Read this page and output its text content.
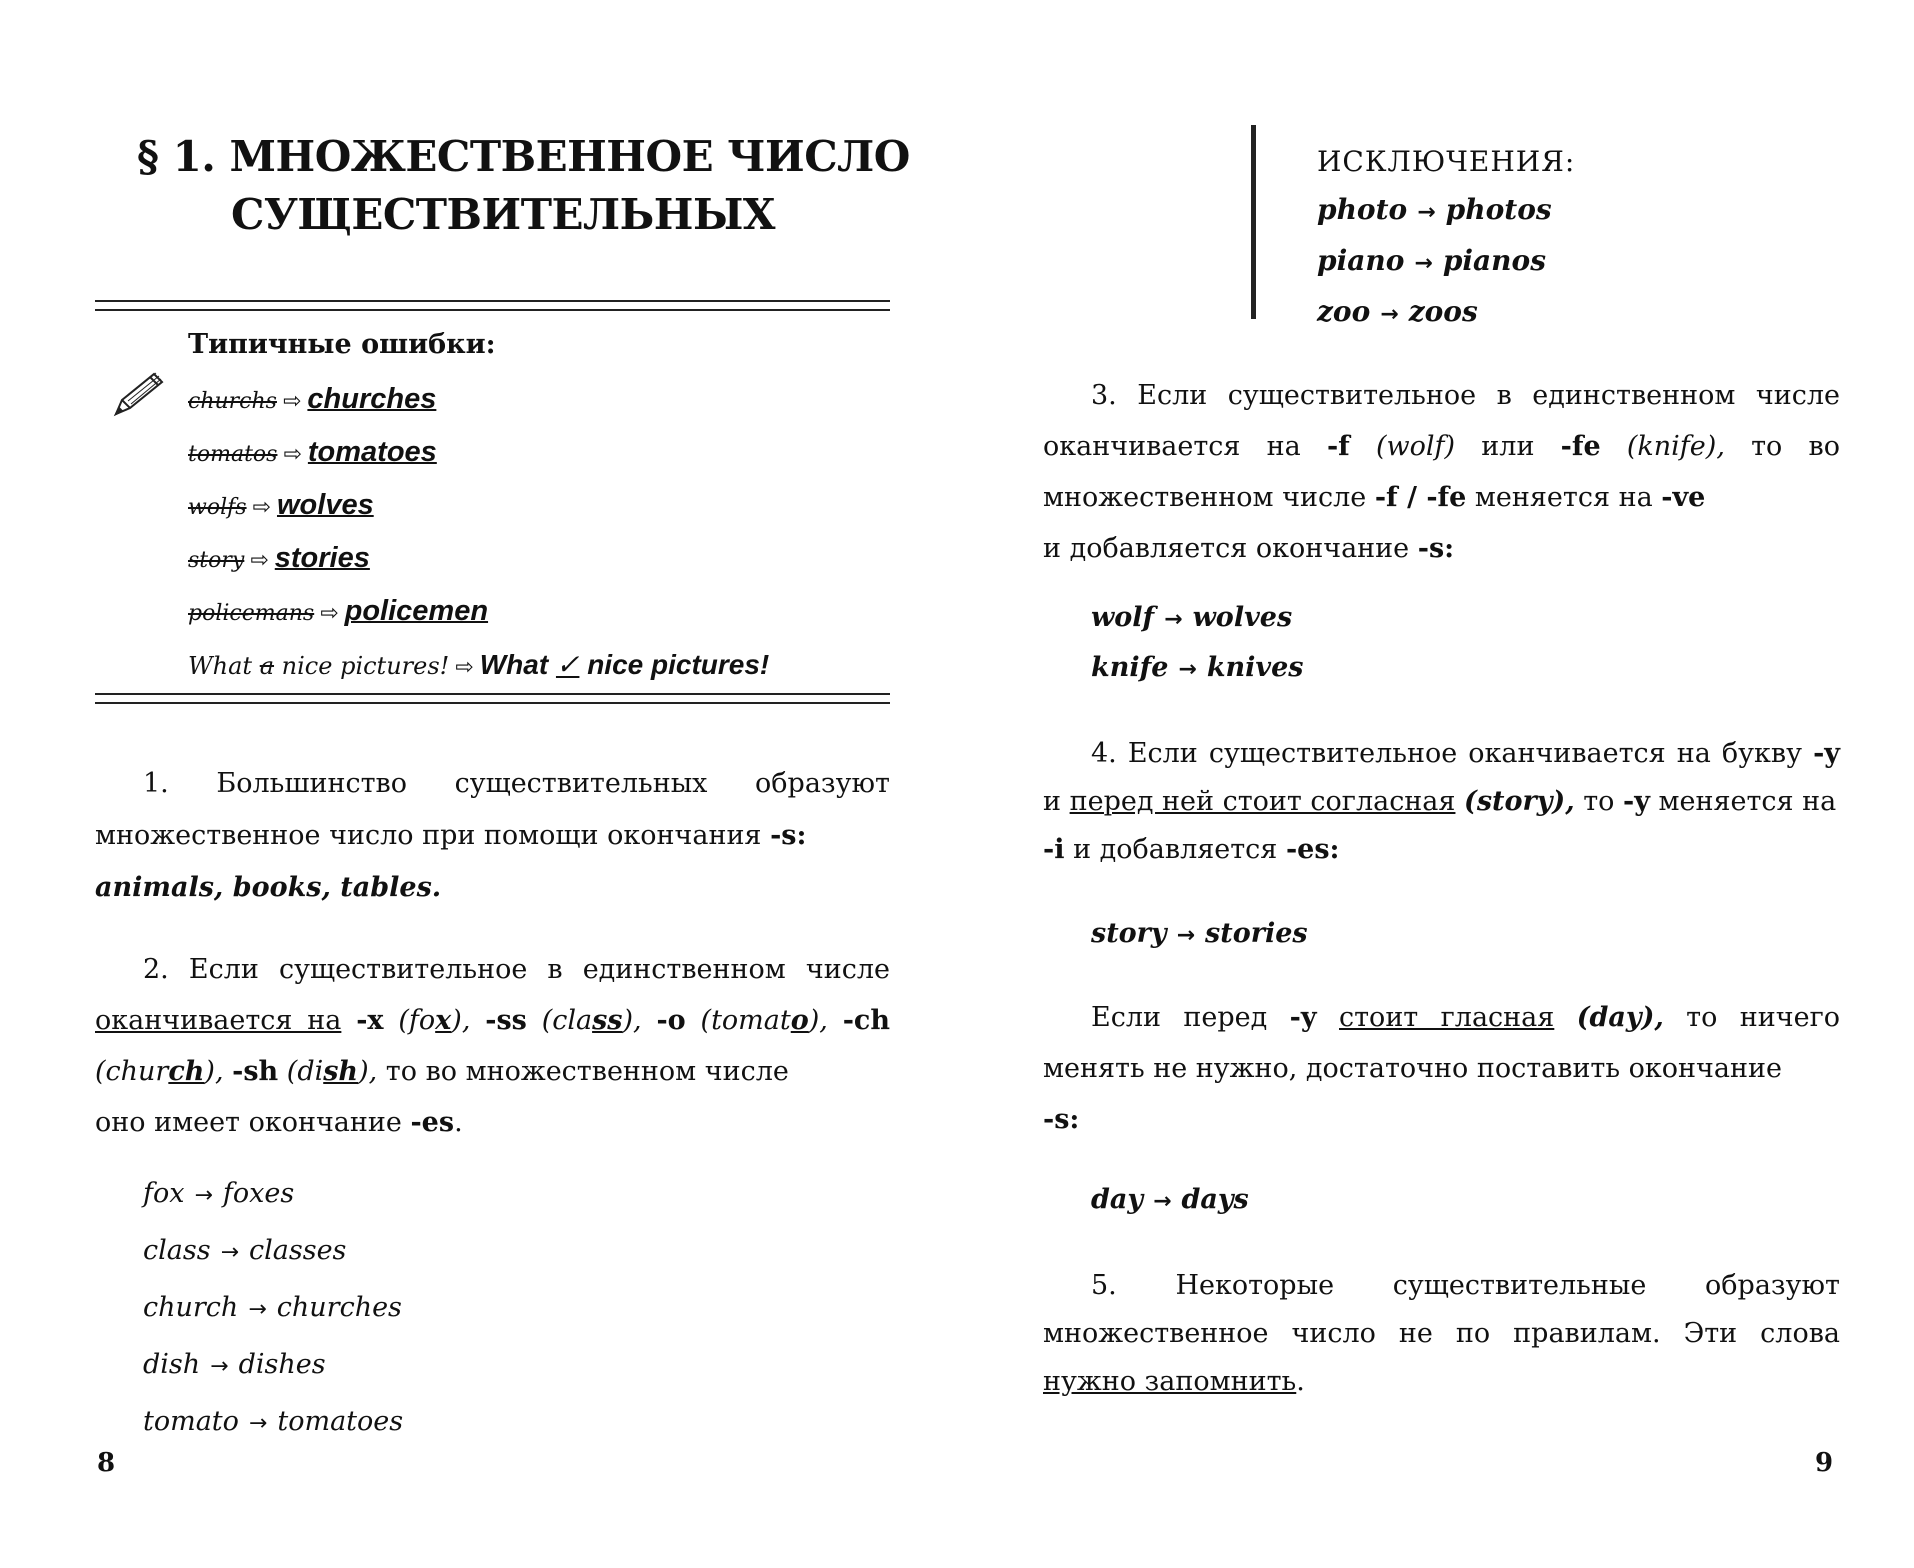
§ 1. МНОЖЕСТВЕННОЕ ЧИСЛО
СУЩЕСТВИТЕЛЬНЫХ
Типичные ошибки:
churchs ⇨ churches
tomatos ⇨ tomatoes
wolfs ⇨ wolves
story ⇨ stories
policemans ⇨ policemen
What a nice pictures! ⇨ What ✓ nice pictures!
1. Большинство существительных образуют множественное число при помощи окончания -s:
animals, books, tables.
2. Если существительное в единственном числе оканчивается на -x (fox), -ss (class), -o (tomato), -ch (church), -sh (dish), то во множественном числе
оно имеет окончание -es.
fox → foxes
class → classes
church → churches
dish → dishes
tomato → tomatoes
8
ИСКЛЮЧЕНИЯ:
photo → photos
piano → pianos
zoo → zoos
3. Если существительное в единственном числе оканчивается на -f (wolf) или -fe (knife), то во множественном числе -f / -fe меняется на -ve
и добавляется окончание -s:
wolf → wolves
knife → knives
4. Если существительное оканчивается на букву -y и перед ней стоит согласная (story), то -y меняется на
-i и добавляется -es:
story → stories
Если перед -y стоит гласная (day), то ничего менять не нужно, достаточно поставить окончание
-s:
day → days
5. Некоторые существительные образуют множественное число не по правилам. Эти слова нужно запомнить.
9
